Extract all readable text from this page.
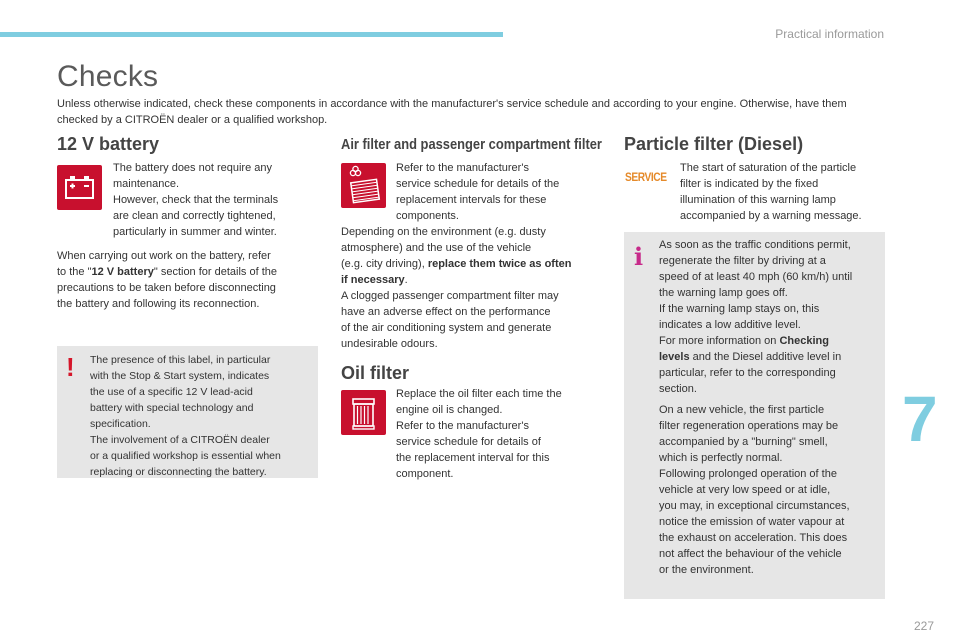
Practical information
Checks

Unless otherwise indicated, check these components in accordance with the manufacturer's service schedule and according to your engine. Otherwise, have them checked by a CITROËN dealer or a qualified workshop.

12 V battery
The battery does not require any
maintenance.
However, check that the terminals
are clean and correctly tightened,
particularly in summer and winter.
When carrying out work on the battery, refer
to the "12 V battery" section for details of the
precautions to be taken before disconnecting
the battery and following its reconnection.
! The presence of this label, in particular
with the Stop & Start system, indicates
the use of a specific 12 V lead-acid
battery with special technology and
specification.
The involvement of a CITROËN dealer
or a qualified workshop is essential when
replacing or disconnecting the battery.
Air filter and passenger compartment filter
Refer to the manufacturer's
service schedule for details of the
replacement intervals for these
components.
Depending on the environment (e.g. dusty
atmosphere) and the use of the vehicle
(e.g. city driving), replace them twice as often
if necessary.
A clogged passenger compartment filter may
have an adverse effect on the performance
of the air conditioning system and generate
undesirable odours.
Oil filter
Replace the oil filter each time the
engine oil is changed.
Refer to the manufacturer's
service schedule for details of
the replacement interval for this
component.
Particle filter (Diesel)
SERVICE
The start of saturation of the particle
filter is indicated by the fixed
illumination of this warning lamp
accompanied by a warning message.
i As soon as the traffic conditions permit,
regenerate the filter by driving at a
speed of at least 40 mph (60 km/h) until
the warning lamp goes off.
If the warning lamp stays on, this
indicates a low additive level.
For more information on Checking
levels and the Diesel additive level in
particular, refer to the corresponding
section.
On a new vehicle, the first particle
filter regeneration operations may be
accompanied by a "burning" smell,
which is perfectly normal.
Following prolonged operation of the
vehicle at very low speed or at idle,
you may, in exceptional circumstances,
notice the emission of water vapour at
the exhaust on acceleration. This does
not affect the behaviour of the vehicle
or the environment.
7
227
